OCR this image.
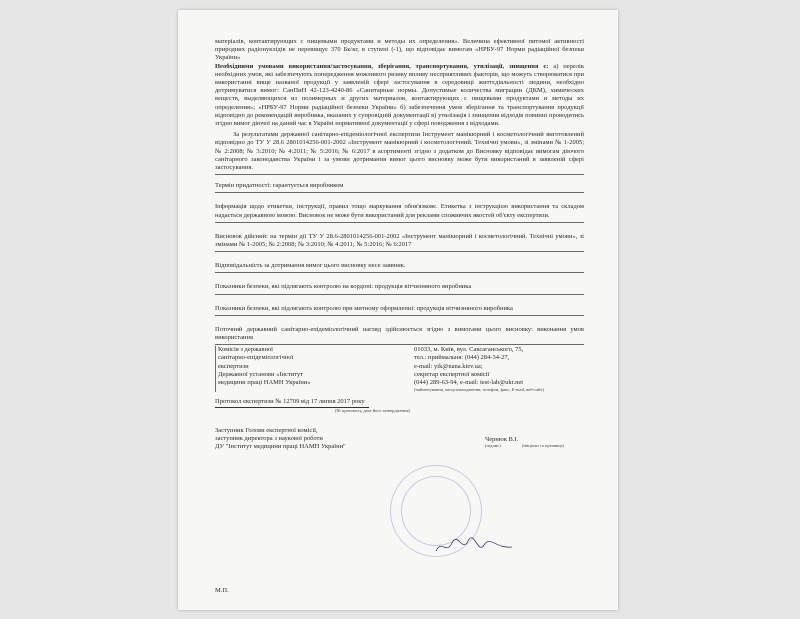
матеріалів, контактирующих с пищевыми продуктами и методы их определения». Величина ефективної питомої активності природних радіонуклідів не перевищує 370 Бк/кг, в ступені (-1), що відповідає вимогам «НРБУ-97 Норми радіаційної безпеки України»

Необхідними умовами використання/застосування, зберігання, транспортування, утилізації, знищення є: а) перелік необхідних умов, які забезпечують попередження можливого ризику впливу несприятливих факторів, що можуть створюватися при використанні вище названої продукції у заявленій сфері застосування в середовищі життєдіяльності людини, необхідно дотримуватися вимог: СанПиН 42-123-4240-86 «Санитарные нормы. Допустимые количества миграции (ДКМ), химических веществ, выделяющихся из полимерных и других материалов, контактирующих с пищевыми продуктами и методы их определения»; «НРБУ-97 Норми радіаційної безпеки України» б) забезпечення умов зберігання та транспортування продукції відповідно до рекомендацій виробника, вказаних у супровідній документації в) утилізація і знищення відходів повинні проводитись згідно вимог діючої на даний час в Україні нормативної документації у сфері поводження з відходами.

За результатами державної санітарно-епідеміологічної експертизи Інструмент манікюрний і косметологічний виготовлений відповідно до ТУ У 28.6 2801014256-001-2002 «Інструмент манікюрний і косметологічний. Технічні умови», зі змінами № 1-2005; № 2:2008; № 3:2010; № 4:2011; № 5:2016; № 6:2017 в асортименті згідно з додатком до Висновку відповідає вимогам діючого санітарного законодавства України і за умови дотримання вимог цього висновку може бути використаний в заявленій сфері застосування.

Термін придатності: гарантується виробником

Інформація щодо етикетки, інструкції, правил тощо маркування обов'язкове. Етикетка з інструкцією використання та складом надається державною мовою. Висновок не може бути використаний для реклами споживчих якостей об'єкту експертизи.

Висновок дійсний: на термін дії ТУ У 28.6-2801014256-001-2002 «Інструмент манікюрний і косметологічний. Технічні умови», зі змінами № 1-2005; № 2:2008; № 3:2010; № 4:2011; № 5:2016; № 6:2017

Відповідальність за дотримання вимог цього висновку несе заявник.

Показники безпеки, які підлягають контролю на кордоні: продукція вітчизняного виробника

Показники безпеки, які підлягають контролю при митному оформленні: продукція вітчизняного виробника

Поточний державний санітарно-епідеміологічний нагляд здійснюється згідно з вимогами цього висновку: виконання умов використання

Комісія з державної
санітарно-епідеміологічної
експертизи
Державної установи «Інститут
медицини праці НАМН України»
01033, м. Київ, вул. Саксаганського, 75,
тел.: приймальня: (044) 284-34-27,
e-mail: yik@nana.kiev.ua;
секретар експертної комісії
(044) 289-63-94, e-mail: test-lab@ukr.net
(найменування, місцезнаходження, телефон, факс, E-mail, веб-сайт)
Протокол експертизи № 12709 від 17 липня 2017 року
(№ протоколу, дата його затвердження)
Заступник Голови експертної комісії,
заступник директора з наукової роботи
ДУ "Інститут медицини праці НАМН України"
Чернюк В.І.
(підпис)	(ініціали та прізвище)
М.П.
